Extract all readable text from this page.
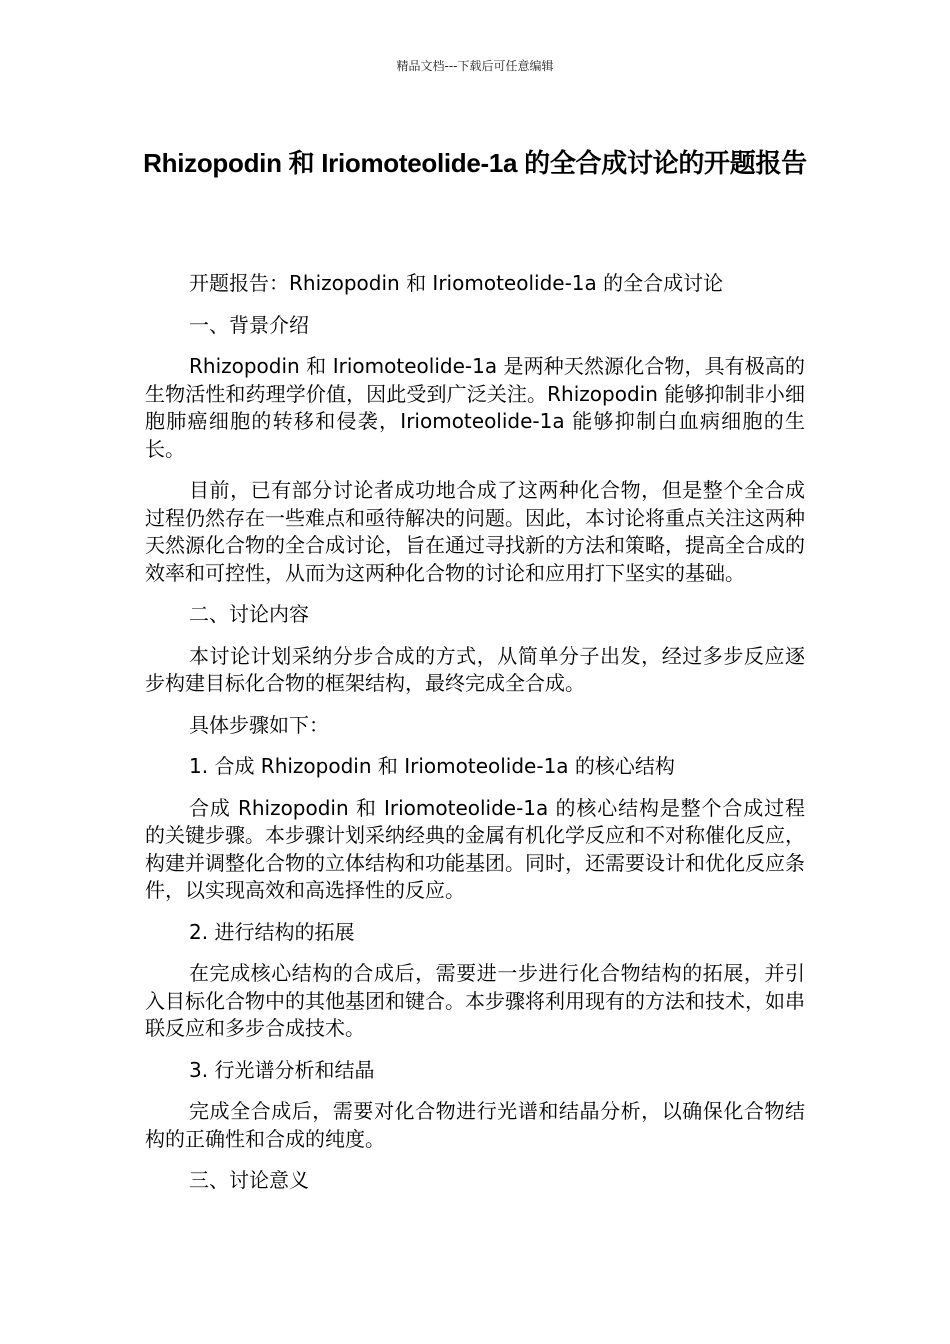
精品文档---下载后可任意编辑
Rhizopodin 和 Iriomoteolide-1a 的全合成讨论的开题报告

开题报告：Rhizopodin 和 Iriomoteolide-1a 的全合成讨论

一、背景介绍

Rhizopodin 和 Iriomoteolide-1a 是两种天然源化合物，具有极高的生物活性和药理学价值，因此受到广泛关注。Rhizopodin 能够抑制非小细胞肺癌细胞的转移和侵袭，Iriomoteolide-1a 能够抑制白血病细胞的生长。

目前，已有部分讨论者成功地合成了这两种化合物，但是整个全合成过程仍然存在一些难点和亟待解决的问题。因此，本讨论将重点关注这两种天然源化合物的全合成讨论，旨在通过寻找新的方法和策略，提高全合成的效率和可控性，从而为这两种化合物的讨论和应用打下坚实的基础。

二、讨论内容

本讨论计划采纳分步合成的方式，从简单分子出发，经过多步反应逐步构建目标化合物的框架结构，最终完成全合成。

具体步骤如下：

1. 合成 Rhizopodin 和 Iriomoteolide-1a 的核心结构

合成 Rhizopodin 和 Iriomoteolide-1a 的核心结构是整个合成过程的关键步骤。本步骤计划采纳经典的金属有机化学反应和不对称催化反应，构建并调整化合物的立体结构和功能基团。同时，还需要设计和优化反应条件，以实现高效和高选择性的反应。

2. 进行结构的拓展

在完成核心结构的合成后，需要进一步进行化合物结构的拓展，并引入目标化合物中的其他基团和键合。本步骤将利用现有的方法和技术，如串联反应和多步合成技术。

3. 行光谱分析和结晶

完成全合成后，需要对化合物进行光谱和结晶分析，以确保化合物结构的正确性和合成的纯度。

三、讨论意义
